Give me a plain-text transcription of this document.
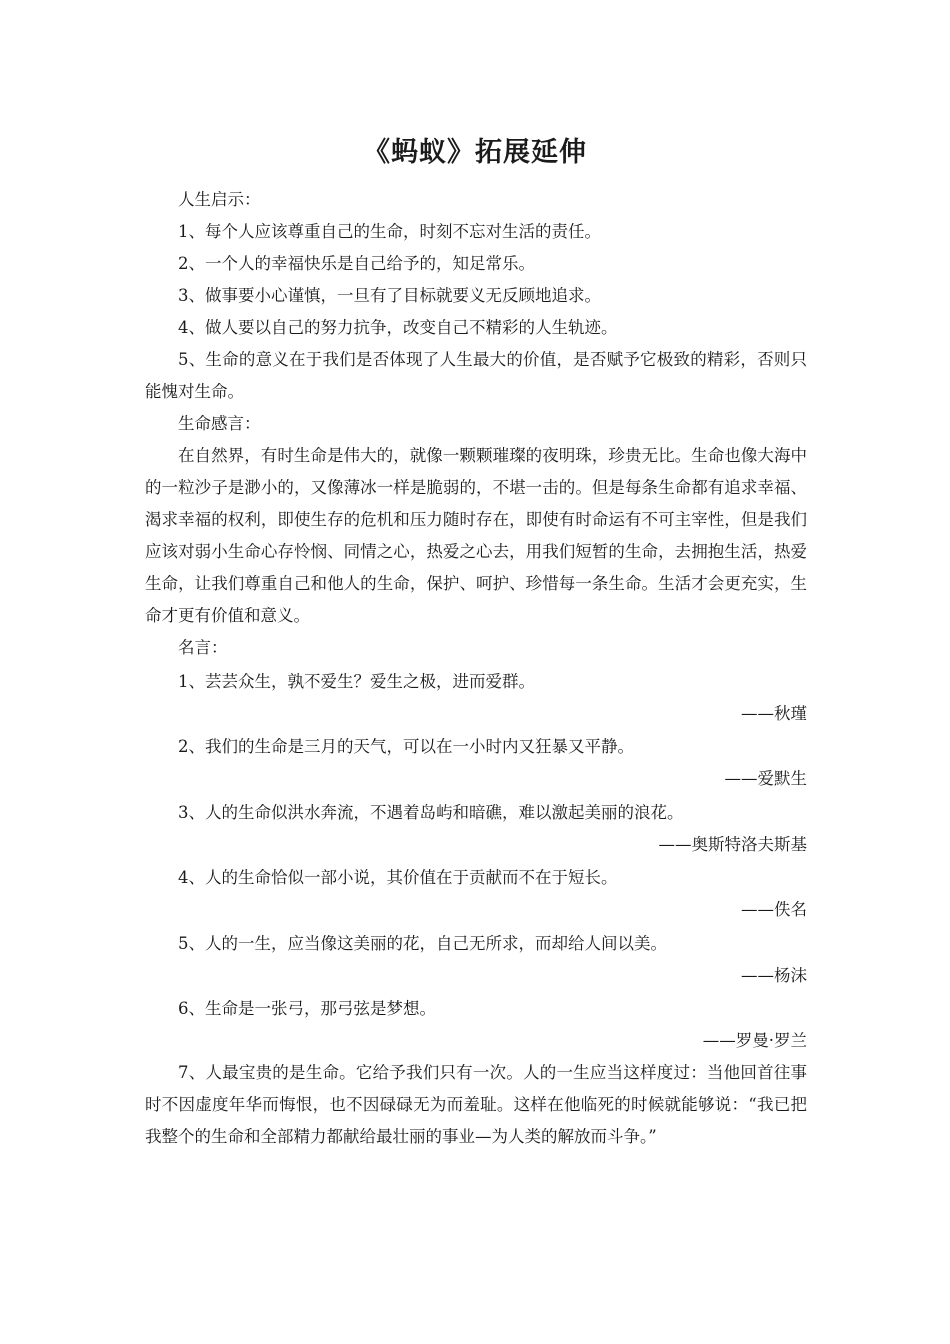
《蚂蚁》拓展延伸

人生启示：

1、每个人应该尊重自己的生命，时刻不忘对生活的责任。

2、一个人的幸福快乐是自己给予的，知足常乐。

3、做事要小心谨慎，一旦有了目标就要义无反顾地追求。

4、做人要以自己的努力抗争，改变自己不精彩的人生轨迹。

5、生命的意义在于我们是否体现了人生最大的价值，是否赋予它极致的精彩，否则只能愧对生命。

生命感言：

在自然界，有时生命是伟大的，就像一颗颗璀璨的夜明珠，珍贵无比。生命也像大海中的一粒沙子是渺小的，又像薄冰一样是脆弱的，不堪一击的。但是每条生命都有追求幸福、渴求幸福的权利，即使生存的危机和压力随时存在，即使有时命运有不可主宰性，但是我们应该对弱小生命心存怜悯、同情之心，热爱之心去，用我们短暂的生命，去拥抱生活，热爱生命，让我们尊重自己和他人的生命，保护、呵护、珍惜每一条生命。生活才会更充实，生命才更有价值和意义。

名言：

1、芸芸众生，孰不爱生？爱生之极，进而爱群。

——秋瑾

2、我们的生命是三月的天气，可以在一小时内又狂暴又平静。

——爱默生

3、人的生命似洪水奔流，不遇着岛屿和暗礁，难以激起美丽的浪花。

——奥斯特洛夫斯基

4、人的生命恰似一部小说，其价值在于贡献而不在于短长。

——佚名

5、人的一生，应当像这美丽的花，自己无所求，而却给人间以美。

——杨沫

6、生命是一张弓，那弓弦是梦想。

——罗曼·罗兰

7、人最宝贵的是生命。它给予我们只有一次。人的一生应当这样度过：当他回首往事时不因虚度年华而悔恨，也不因碌碌无为而羞耻。这样在他临死的时候就能够说：“我已把我整个的生命和全部精力都献给最壮丽的事业—为人类的解放而斗争。”
